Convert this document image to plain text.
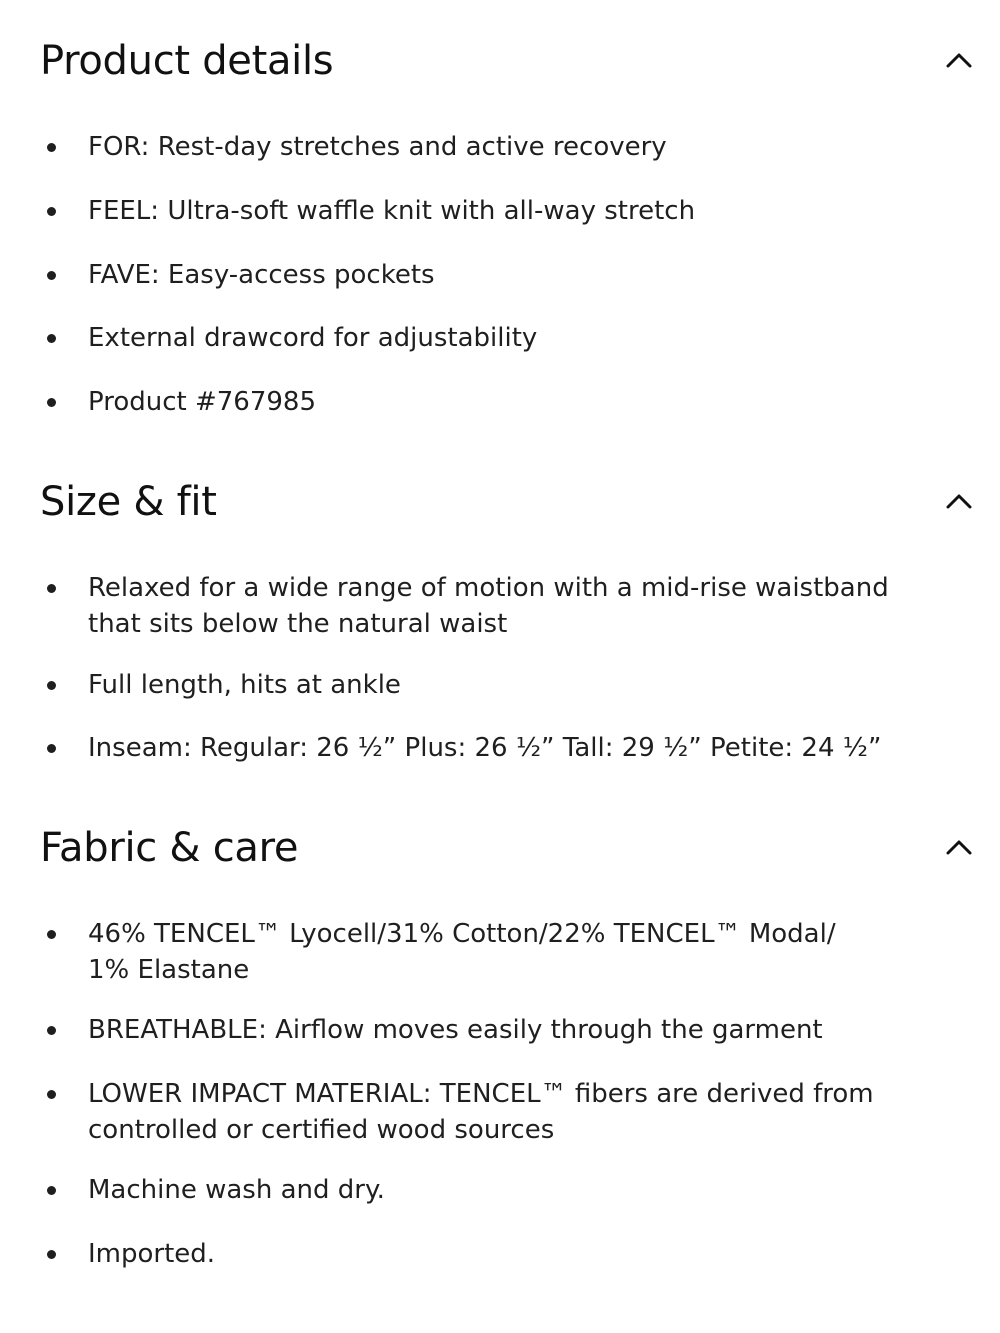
Product details
FOR: Rest-day stretches and active recovery
FEEL: Ultra-soft waffle knit with all-way stretch
FAVE: Easy-access pockets
External drawcord for adjustability
Product #767985
Size & fit
Relaxed for a wide range of motion with a mid-rise waistband
that sits below the natural waist
Full length, hits at ankle
Inseam: Regular: 26 ½” Plus: 26 ½” Tall: 29 ½” Petite: 24 ½”
Fabric & care
46% TENCEL™ Lyocell/31% Cotton/22% TENCEL™ Modal/
1% Elastane
BREATHABLE: Airflow moves easily through the garment
LOWER IMPACT MATERIAL: TENCEL™ fibers are derived from
controlled or certified wood sources
Machine wash and dry.
Imported.
